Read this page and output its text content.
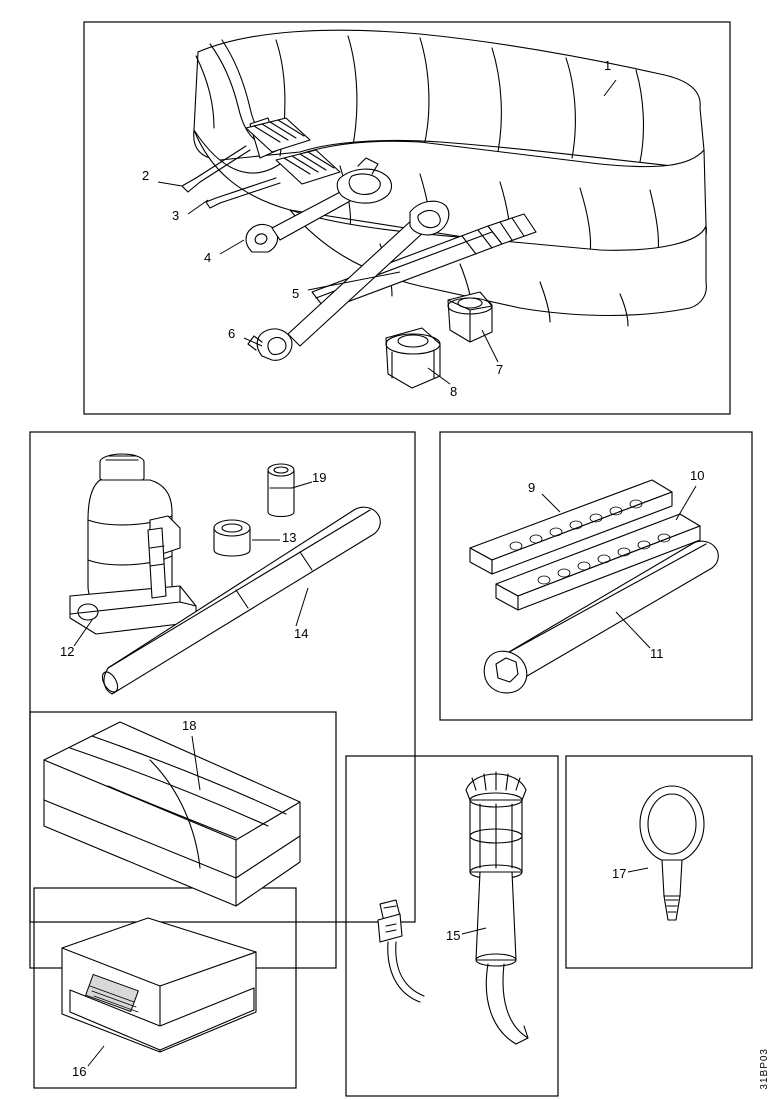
1
2
3
4
5
6
7
8
9
10
11
12
13
14
15
16
17
18
19
31BP03
